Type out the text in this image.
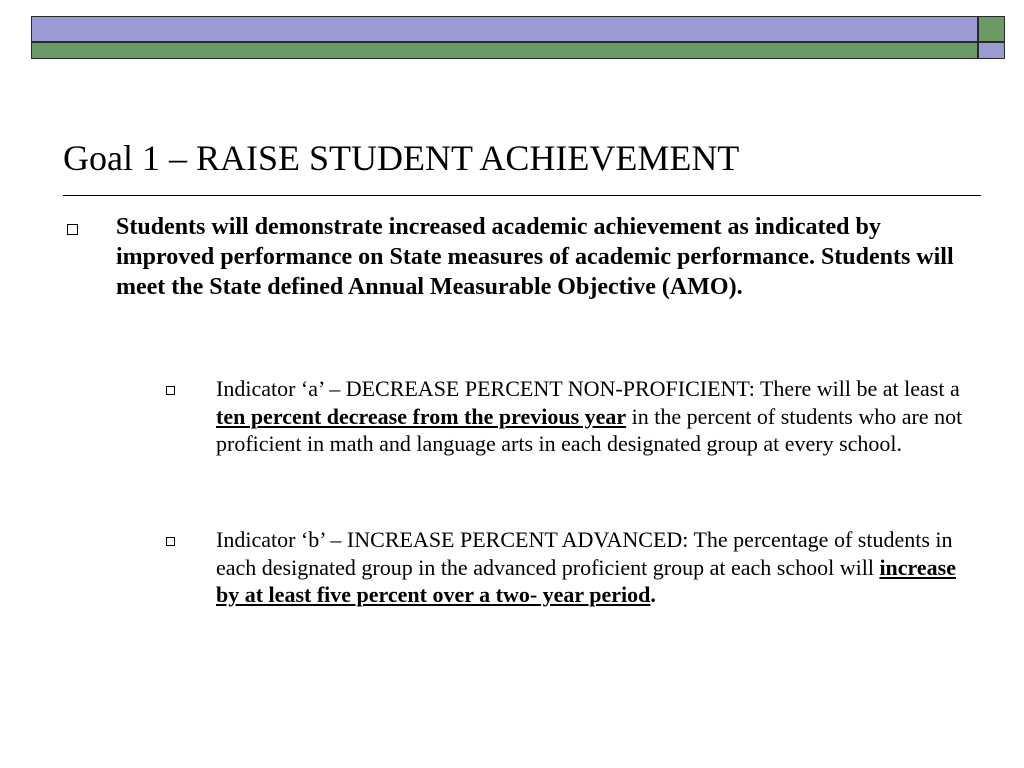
Goal 1 – RAISE STUDENT ACHIEVEMENT

Students will demonstrate increased academic achievement as indicated by improved performance on State measures of academic performance. Students will meet the State defined Annual Measurable Objective (AMO).

Indicator ‘a’ – DECREASE PERCENT NON-PROFICIENT: There will be at least a ten percent decrease from the previous year in the percent of students who are not proficient in math and language arts in each designated group at every school.

Indicator ‘b’ – INCREASE PERCENT ADVANCED: The percentage of students in each designated group in the advanced proficient group at each school will increase by at least five percent over a two- year period.
